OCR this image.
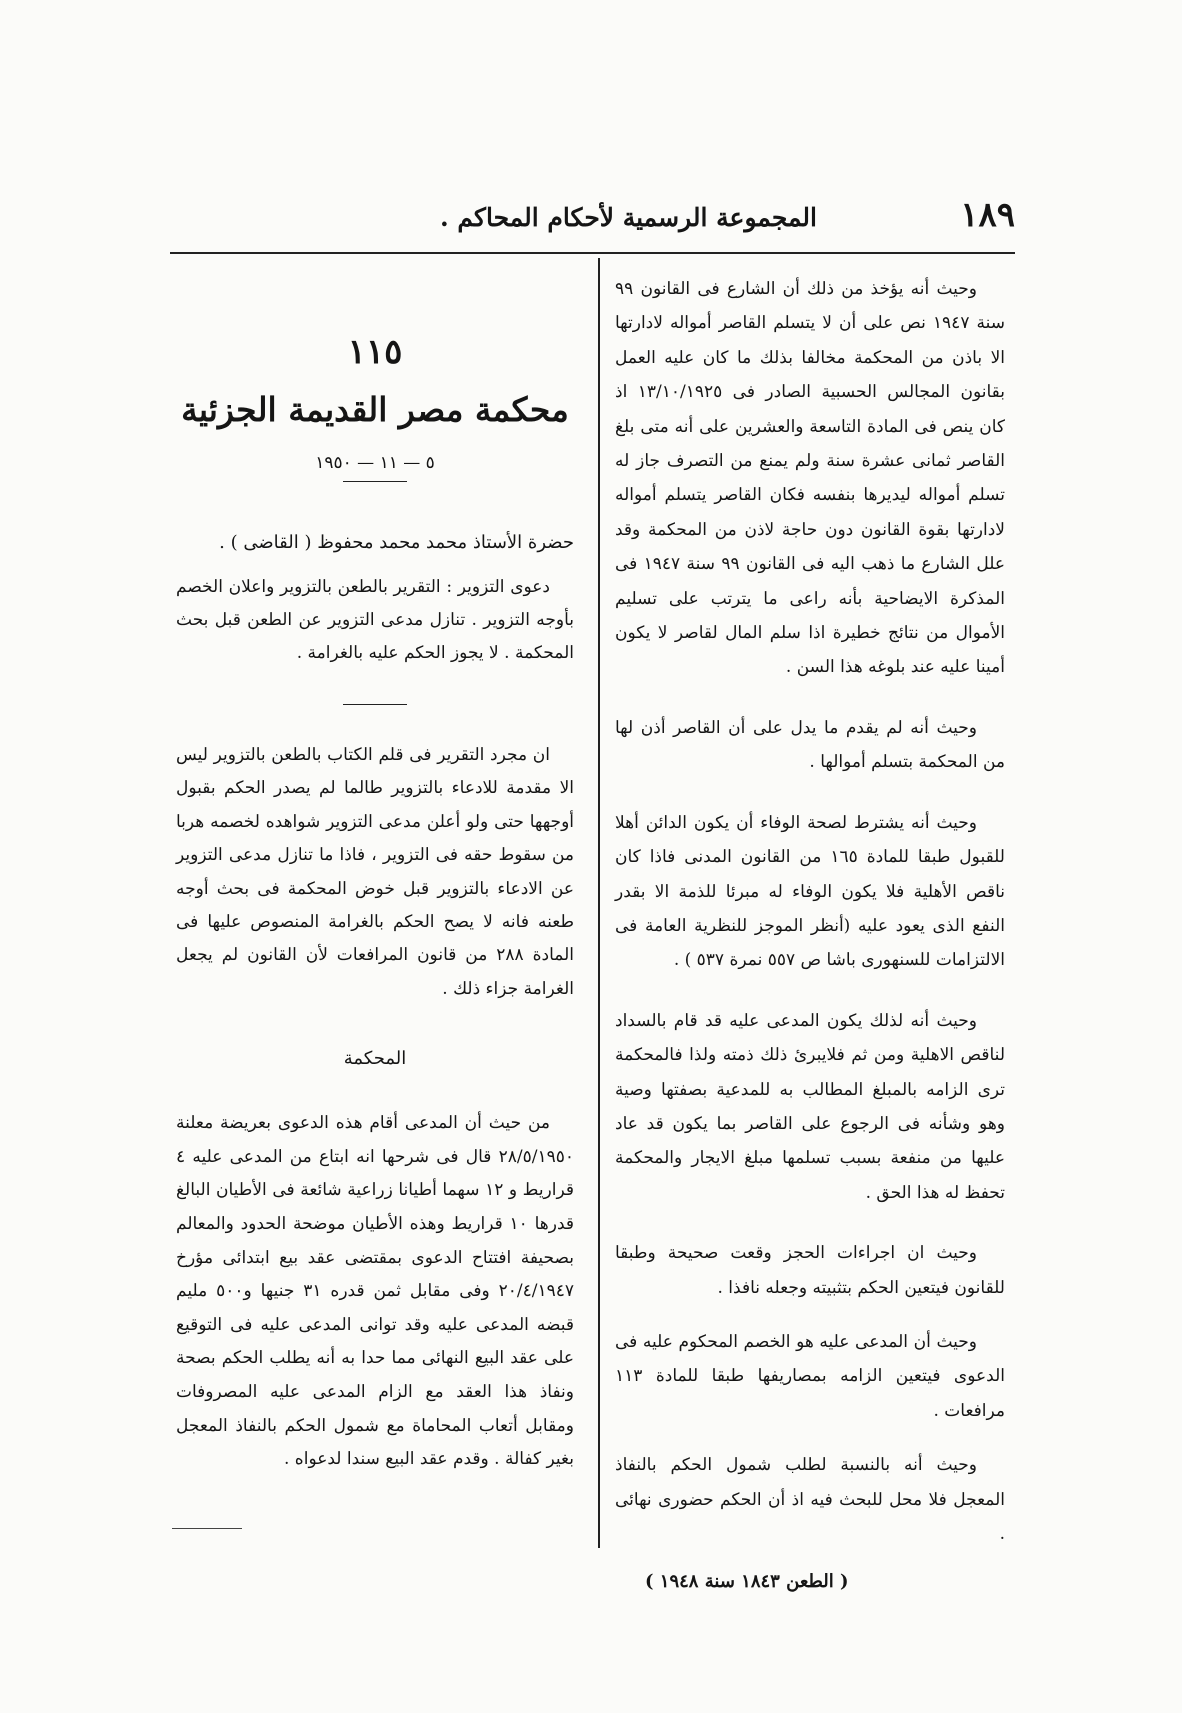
١٨٩
المجموعة الرسمية لأحكام المحاكم .

وحيث أنه يؤخذ من ذلك أن الشارع فى القانون ٩٩ سنة ١٩٤٧ نص على أن لا يتسلم القاصر أمواله لادارتها الا باذن من المحكمة مخالفا بذلك ما كان عليه العمل بقانون المجالس الحسبية الصادر فى ١٣/١٠/١٩٢٥ اذ كان ينص فى المادة التاسعة والعشرين على أنه متى بلغ القاصر ثمانى عشرة سنة ولم يمنع من التصرف جاز له تسلم أمواله ليديرها بنفسه فكان القاصر يتسلم أمواله لادارتها بقوة القانون دون حاجة لاذن من المحكمة وقد علل الشارع ما ذهب اليه فى القانون ٩٩ سنة ١٩٤٧ فى المذكرة الايضاحية بأنه راعى ما يترتب على تسليم الأموال من نتائج خطيرة اذا سلم المال لقاصر لا يكون أمينا عليه عند بلوغه هذا السن .

وحيث أنه لم يقدم ما يدل على أن القاصر أذن لها من المحكمة بتسلم أموالها .

وحيث أنه يشترط لصحة الوفاء أن يكون الدائن أهلا للقبول طبقا للمادة ١٦٥ من القانون المدنى فاذا كان ناقص الأهلية فلا يكون الوفاء له مبرئا للذمة الا بقدر النفع الذى يعود عليه (أنظر الموجز للنظرية العامة فى الالتزامات للسنهورى باشا ص ٥٥٧ نمرة ٥٣٧ ) .

وحيث أنه لذلك يكون المدعى عليه قد قام بالسداد لناقص الاهلية ومن ثم فلايبرئ ذلك ذمته ولذا فالمحكمة ترى الزامه بالمبلغ المطالب به للمدعية بصفتها وصية وهو وشأنه فى الرجوع على القاصر بما يكون قد عاد عليها من منفعة بسبب تسلمها مبلغ الايجار والمحكمة تحفظ له هذا الحق .

وحيث ان اجراءات الحجز وقعت صحيحة وطبقا للقانون فيتعين الحكم بتثبيته وجعله نافذا .

وحيث أن المدعى عليه هو الخصم المحكوم عليه فى الدعوى فيتعين الزامه بمصاريفها طبقا للمادة ١١٣ مرافعات .

وحيث أنه بالنسبة لطلب شمول الحكم بالنفاذ المعجل فلا محل للبحث فيه اذ أن الحكم حضورى نهائى .

( الطعن ١٨٤٣ سنة ١٩٤٨ )
١١٥
محكمة مصر القديمة الجزئية
٥ — ١١ — ١٩٥٠
حضرة الأستاذ محمد محمد محفوظ ( القاضى ) .

دعوى التزوير : التقرير بالطعن بالتزوير واعلان الخصم بأوجه التزوير . تنازل مدعى التزوير عن الطعن قبل بحث المحكمة . لا يجوز الحكم عليه بالغرامة .

ان مجرد التقرير فى قلم الكتاب بالطعن بالتزوير ليس الا مقدمة للادعاء بالتزوير طالما لم يصدر الحكم بقبول أوجهها حتى ولو أعلن مدعى التزوير شواهده لخصمه هربا من سقوط حقه فى التزوير ، فاذا ما تنازل مدعى التزوير عن الادعاء بالتزوير قبل خوض المحكمة فى بحث أوجه طعنه فانه لا يصح الحكم بالغرامة المنصوص عليها فى المادة ٢٨٨ من قانون المرافعات لأن القانون لم يجعل الغرامة جزاء ذلك .

المحكمة

من حيث أن المدعى أقام هذه الدعوى بعريضة معلنة ٢٨/٥/١٩٥٠ قال فى شرحها انه ابتاع من المدعى عليه ٤ قراريط و ١٢ سهما أطيانا زراعية شائعة فى الأطيان البالغ قدرها ١٠ قراريط وهذه الأطيان موضحة الحدود والمعالم بصحيفة افتتاح الدعوى بمقتضى عقد بيع ابتدائى مؤرخ ٢٠/٤/١٩٤٧ وفى مقابل ثمن قدره ٣١ جنيها و٥٠٠ مليم قبضه المدعى عليه وقد توانى المدعى عليه فى التوقيع على عقد البيع النهائى مما حدا به أنه يطلب الحكم بصحة ونفاذ هذا العقد مع الزام المدعى عليه المصروفات ومقابل أتعاب المحاماة مع شمول الحكم بالنفاذ المعجل بغير كفالة . وقدم عقد البيع سندا لدعواه .
